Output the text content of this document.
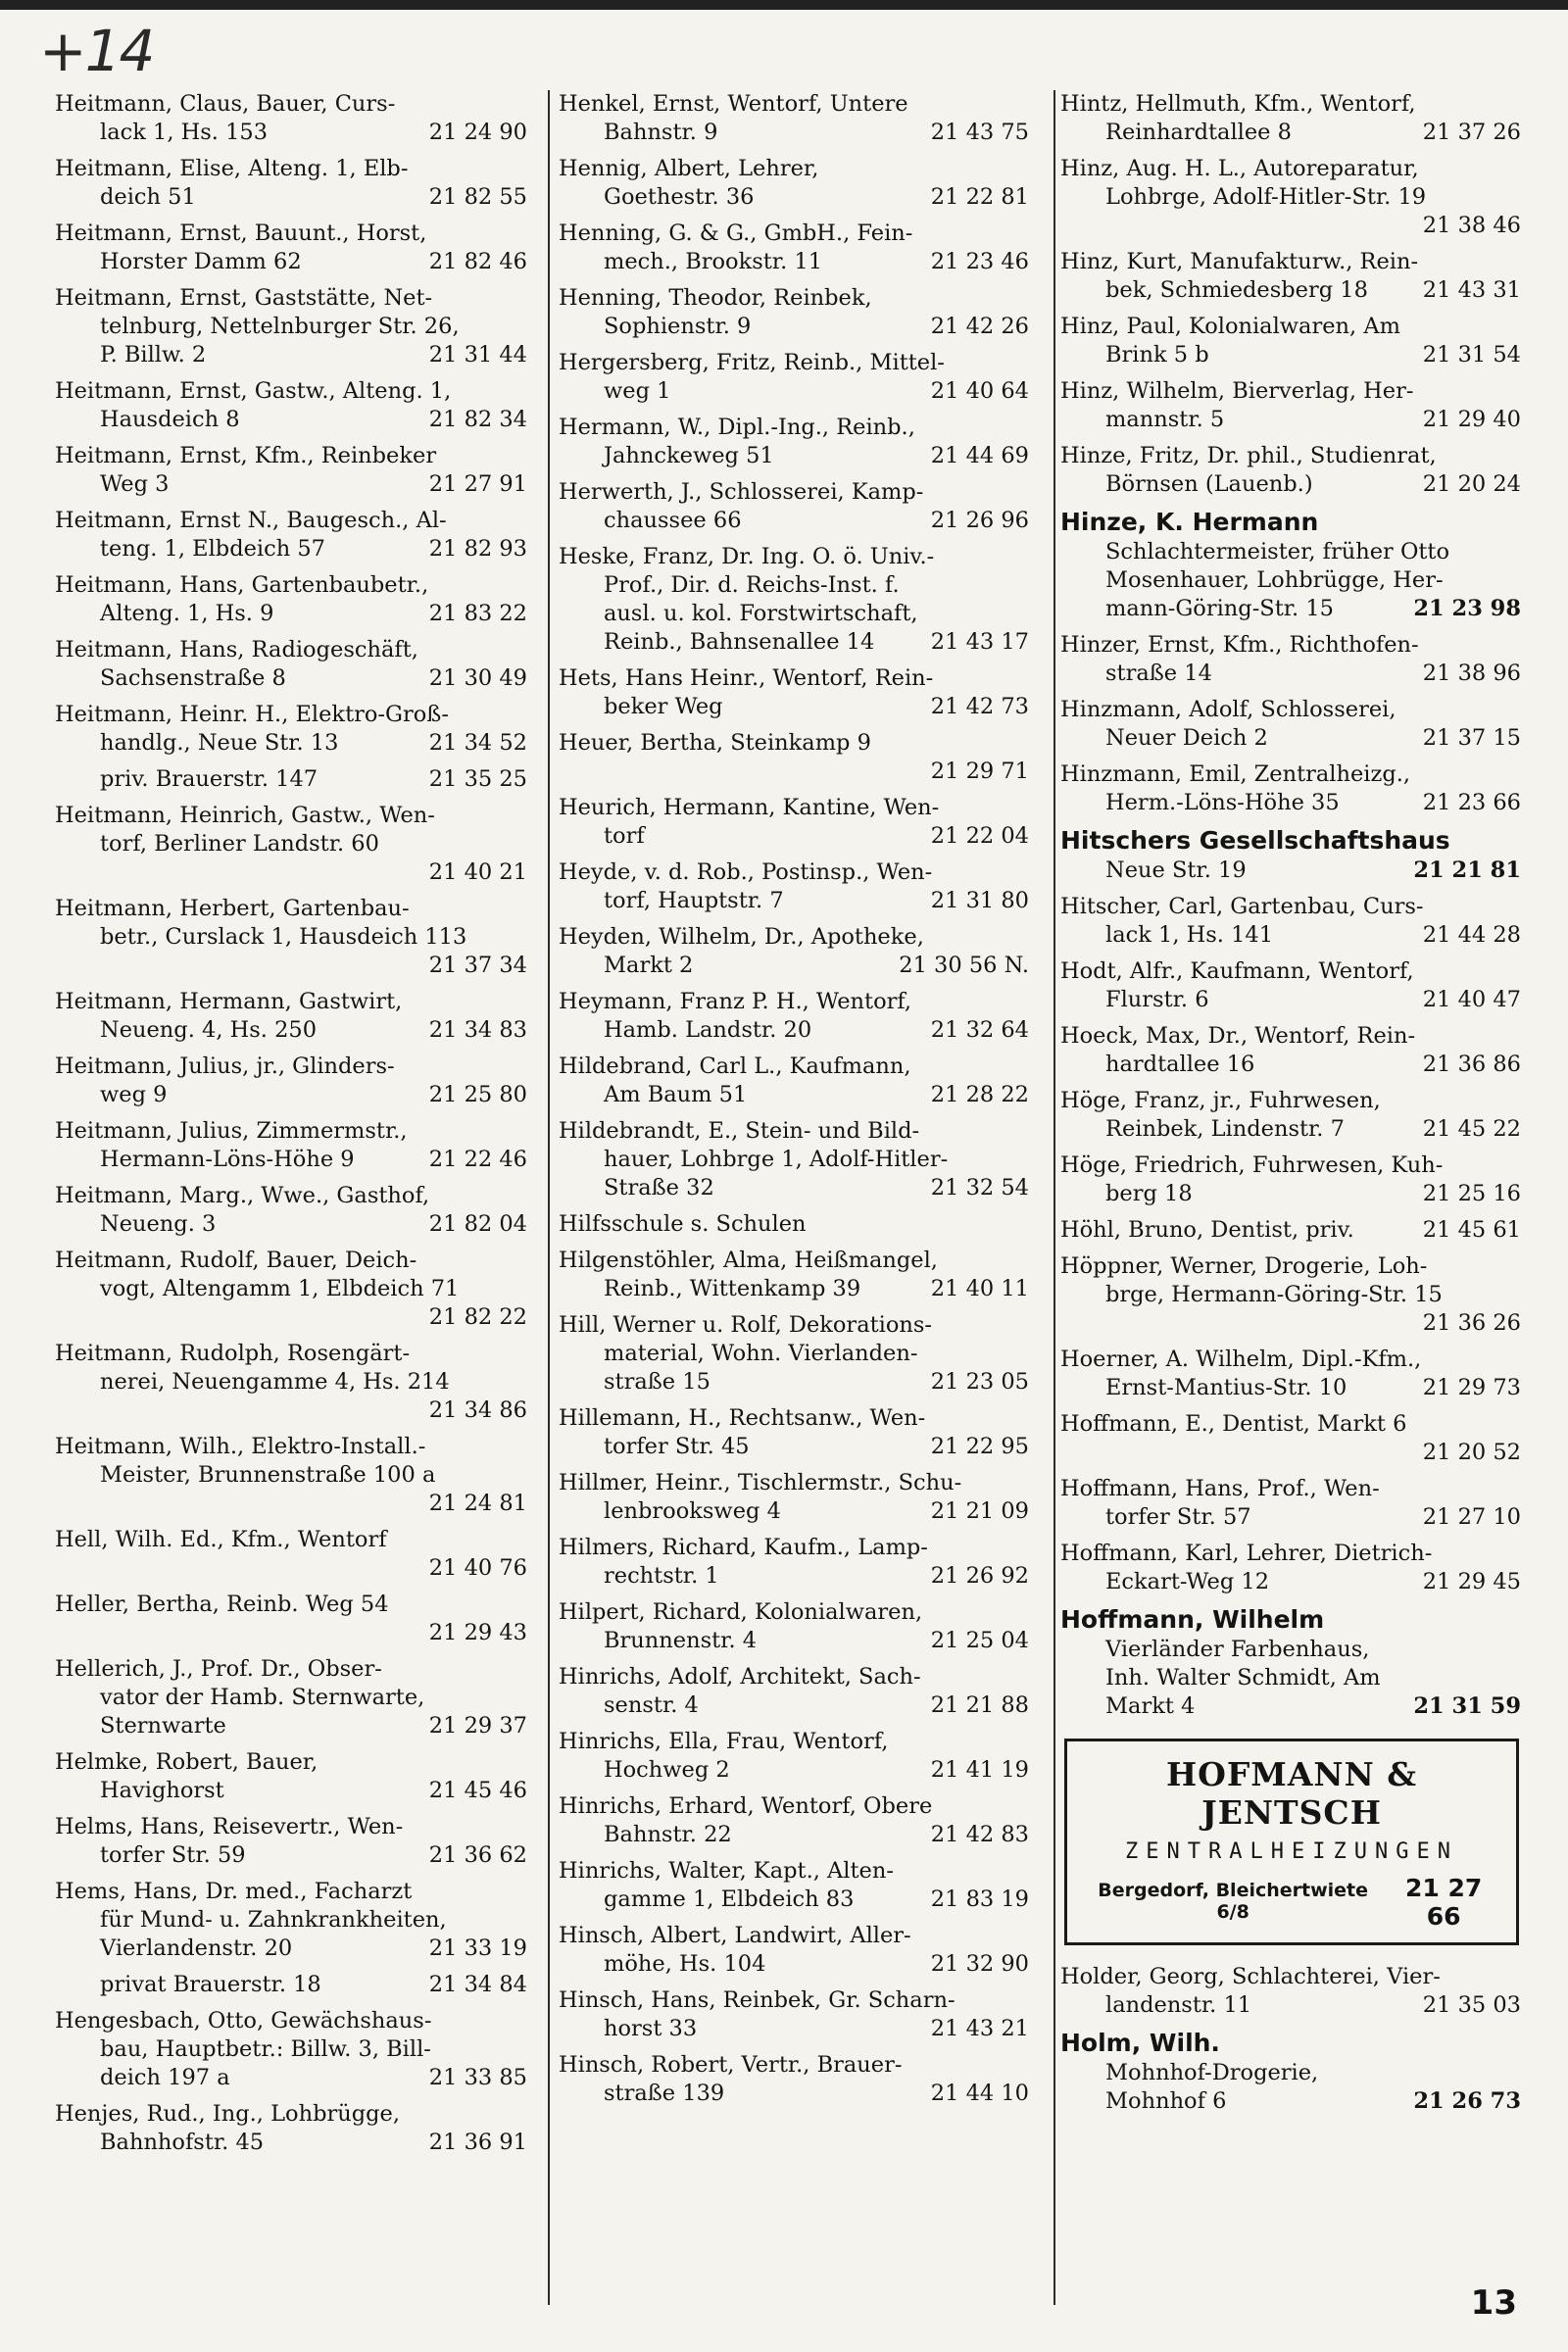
+14
Heitmann, Claus, Bauer, Curs-
lack 1, Hs. 153	21 24 90
Heitmann, Elise, Alteng. 1, Elb-
deich 51	21 82 55
Heitmann, Ernst, Bauunt., Horst,
Horster Damm 62	21 82 46
Heitmann, Ernst, Gaststätte, Net-
telnburg, Nettelnburger Str. 26,
P. Billw. 2	21 31 44
Heitmann, Ernst, Gastw., Alteng. 1,
Hausdeich 8	21 82 34
Heitmann, Ernst, Kfm., Reinbeker
Weg 3	21 27 91
Heitmann, Ernst N., Baugesch., Al-
teng. 1, Elbdeich 57	21 82 93
Heitmann, Hans, Gartenbaubetr.,
Alteng. 1, Hs. 9	21 83 22
Heitmann, Hans, Radiogeschäft,
Sachsenstraße 8	21 30 49
Heitmann, Heinr. H., Elektro-Groß-
handlg., Neue Str. 13	21 34 52
priv. Brauerstr. 147	21 35 25
Heitmann, Heinrich, Gastw., Wen-
torf, Berliner Landstr. 60
21 40 21
Heitmann, Herbert, Gartenbau-
betr., Curslack 1, Hausdeich 113
21 37 34
Heitmann, Hermann, Gastwirt,
Neueng. 4, Hs. 250	21 34 83
Heitmann, Julius, jr., Glinders-
weg 9	21 25 80
Heitmann, Julius, Zimmermstr.,
Hermann-Löns-Höhe 9	21 22 46
Heitmann, Marg., Wwe., Gasthof,
Neueng. 3	21 82 04
Heitmann, Rudolf, Bauer, Deich-
vogt, Altengamm 1, Elbdeich 71
21 82 22
Heitmann, Rudolph, Rosengärt-
nerei, Neuengamme 4, Hs. 214
21 34 86
Heitmann, Wilh., Elektro-Install.-
Meister, Brunnenstraße 100 a
21 24 81
Hell, Wilh. Ed., Kfm., Wentorf
21 40 76
Heller, Bertha, Reinb. Weg 54
21 29 43
Hellerich, J., Prof. Dr., Obser-
vator der Hamb. Sternwarte,
Sternwarte	21 29 37
Helmke, Robert, Bauer,
Havighorst	21 45 46
Helms, Hans, Reisevertr., Wen-
torfer Str. 59	21 36 62
Hems, Hans, Dr. med., Facharzt
für Mund- u. Zahnkrankheiten,
Vierlandenstr. 20	21 33 19
privat Brauerstr. 18	21 34 84
Hengesbach, Otto, Gewächshaus-
bau, Hauptbetr.: Billw. 3, Bill-
deich 197 a	21 33 85
Henjes, Rud., Ing., Lohbrügge,
Bahnhofstr. 45	21 36 91
Henkel, Ernst, Wentorf, Untere
Bahnstr. 9	21 43 75
Hennig, Albert, Lehrer,
Goethestr. 36	21 22 81
Henning, G. & G., GmbH., Fein-
mech., Brookstr. 11	21 23 46
Henning, Theodor, Reinbek,
Sophienstr. 9	21 42 26
Hergersberg, Fritz, Reinb., Mittel-
weg 1	21 40 64
Hermann, W., Dipl.-Ing., Reinb.,
Jahnckeweg 51	21 44 69
Herwerth, J., Schlosserei, Kamp-
chaussee 66	21 26 96
Heske, Franz, Dr. Ing. O. ö. Univ.-
Prof., Dir. d. Reichs-Inst. f.
ausl. u. kol. Forstwirtschaft,
Reinb., Bahnsenallee 14	21 43 17
Hets, Hans Heinr., Wentorf, Rein-
beker Weg	21 42 73
Heuer, Bertha, Steinkamp 9
21 29 71
Heurich, Hermann, Kantine, Wen-
torf	21 22 04
Heyde, v. d. Rob., Postinsp., Wen-
torf, Hauptstr. 7	21 31 80
Heyden, Wilhelm, Dr., Apotheke,
Markt 2	21 30 56 N.
Heymann, Franz P. H., Wentorf,
Hamb. Landstr. 20	21 32 64
Hildebrand, Carl L., Kaufmann,
Am Baum 51	21 28 22
Hildebrandt, E., Stein- und Bild-
hauer, Lohbrge 1, Adolf-Hitler-
Straße 32	21 32 54
Hilfsschule s. Schulen
Hilgenstöhler, Alma, Heißmangel,
Reinb., Wittenkamp 39	21 40 11
Hill, Werner u. Rolf, Dekorations-
material, Wohn. Vierlanden-
straße 15	21 23 05
Hillemann, H., Rechtsanw., Wen-
torfer Str. 45	21 22 95
Hillmer, Heinr., Tischlermstr., Schu-
lenbrooksweg 4	21 21 09
Hilmers, Richard, Kaufm., Lamp-
rechtstr. 1	21 26 92
Hilpert, Richard, Kolonialwaren,
Brunnenstr. 4	21 25 04
Hinrichs, Adolf, Architekt, Sach-
senstr. 4	21 21 88
Hinrichs, Ella, Frau, Wentorf,
Hochweg 2	21 41 19
Hinrichs, Erhard, Wentorf, Obere
Bahnstr. 22	21 42 83
Hinrichs, Walter, Kapt., Alten-
gamme 1, Elbdeich 83	21 83 19
Hinsch, Albert, Landwirt, Aller-
möhe, Hs. 104	21 32 90
Hinsch, Hans, Reinbek, Gr. Scharn-
horst 33	21 43 21
Hinsch, Robert, Vertr., Brauer-
straße 139	21 44 10
Hintz, Hellmuth, Kfm., Wentorf,
Reinhardtallee 8	21 37 26
Hinz, Aug. H. L., Autoreparatur,
Lohbrge, Adolf-Hitler-Str. 19
21 38 46
Hinz, Kurt, Manufakturw., Rein-
bek, Schmiedesberg 18	21 43 31
Hinz, Paul, Kolonialwaren, Am
Brink 5 b	21 31 54
Hinz, Wilhelm, Bierverlag, Her-
mannstr. 5	21 29 40
Hinze, Fritz, Dr. phil., Studienrat,
Börnsen (Lauenb.)	21 20 24
Hinze, K. Hermann
Schlachtermeister, früher Otto
Mosenhauer, Lohbrügge, Her-
mann-Göring-Str. 15	21 23 98
Hinzer, Ernst, Kfm., Richthofen-
straße 14	21 38 96
Hinzmann, Adolf, Schlosserei,
Neuer Deich 2	21 37 15
Hinzmann, Emil, Zentralheizg.,
Herm.-Löns-Höhe 35	21 23 66
Hitschers Gesellschaftshaus
Neue Str. 19	21 21 81
Hitscher, Carl, Gartenbau, Curs-
lack 1, Hs. 141	21 44 28
Hodt, Alfr., Kaufmann, Wentorf,
Flurstr. 6	21 40 47
Hoeck, Max, Dr., Wentorf, Rein-
hardtallee 16	21 36 86
Höge, Franz, jr., Fuhrwesen,
Reinbek, Lindenstr. 7	21 45 22
Höge, Friedrich, Fuhrwesen, Kuh-
berg 18	21 25 16
Höhl, Bruno, Dentist, priv.	21 45 61
Höppner, Werner, Drogerie, Loh-
brge, Hermann-Göring-Str. 15
21 36 26
Hoerner, A. Wilhelm, Dipl.-Kfm.,
Ernst-Mantius-Str. 10	21 29 73
Hoffmann, E., Dentist, Markt 6
21 20 52
Hoffmann, Hans, Prof., Wen-
torfer Str. 57	21 27 10
Hoffmann, Karl, Lehrer, Dietrich-
Eckart-Weg 12	21 29 45
Hoffmann, Wilhelm
Vierländer Farbenhaus,
Inh. Walter Schmidt, Am
Markt 4	21 31 59
HOFMANN & JENTSCH
ZENTRALHEIZUNGEN
Bergedorf, Bleichertwiete 6/8
21 27 66
Holder, Georg, Schlachterei, Vier-
landenstr. 11	21 35 03
Holm, Wilh.
Mohnhof-Drogerie,
Mohnhof 6	21 26 73
13
